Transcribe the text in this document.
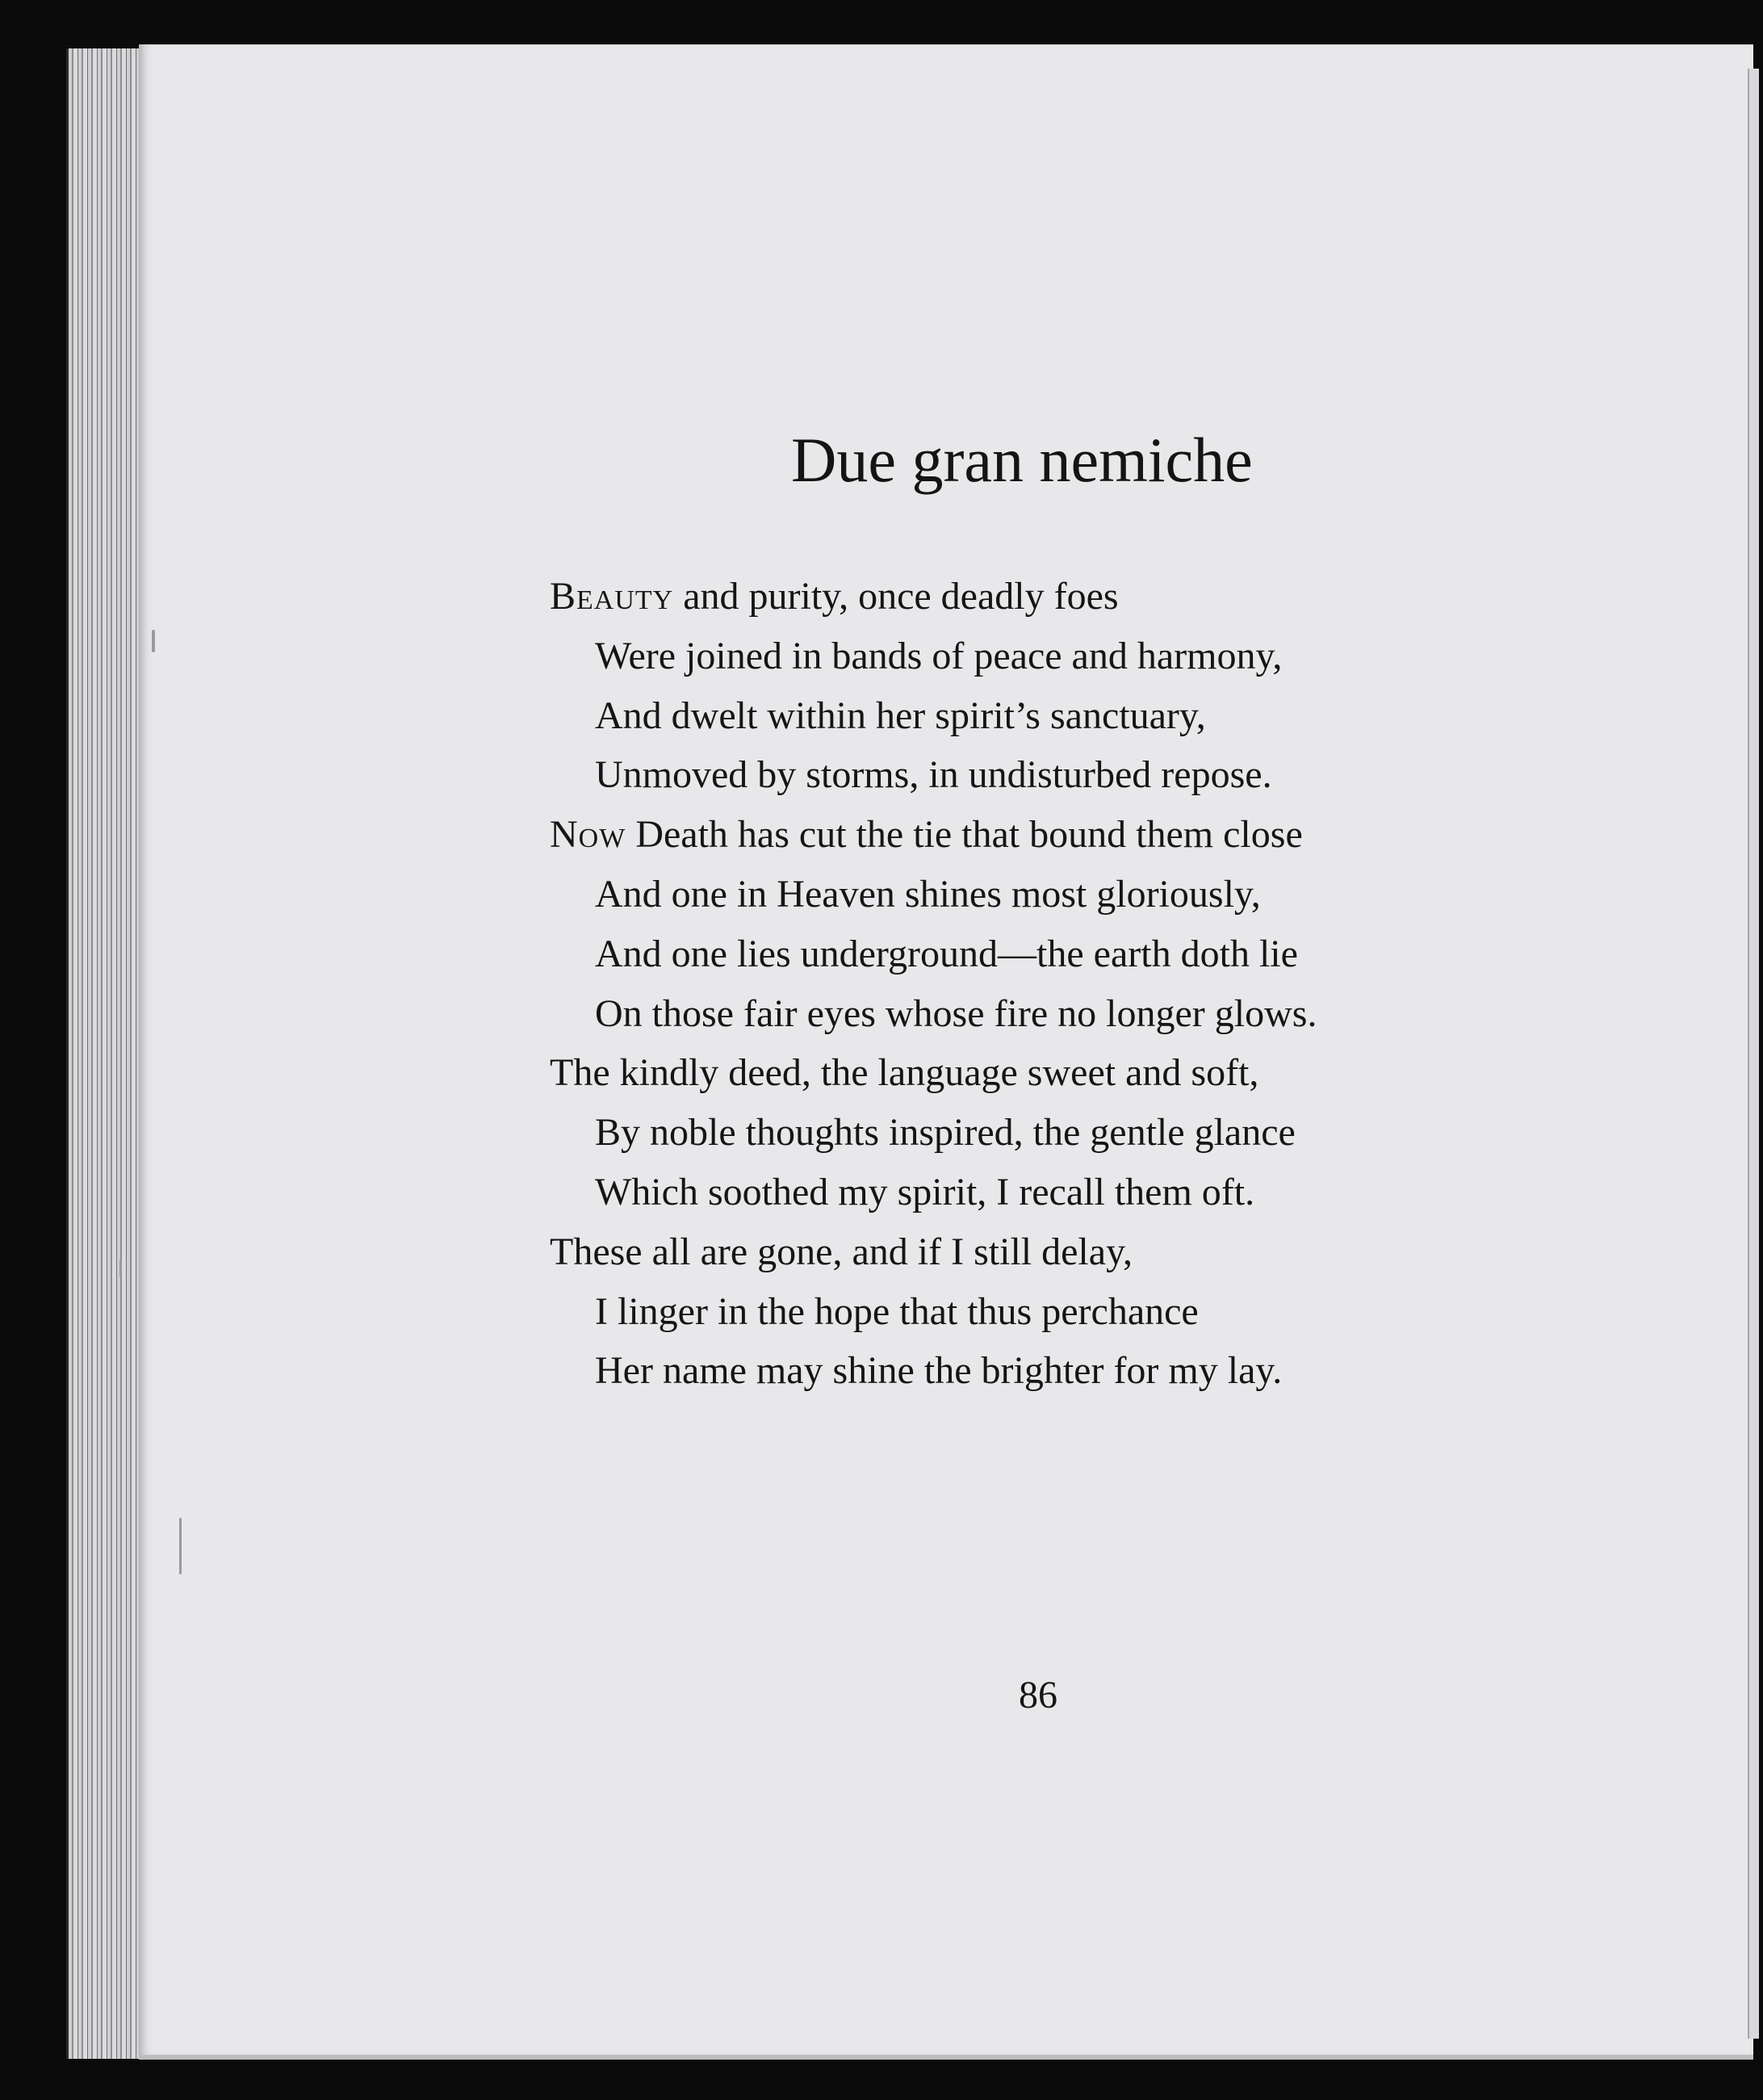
Due gran nemiche
Beauty and purity, once deadly foes
Were joined in bands of peace and harmony,
And dwelt within her spirit’s sanctuary,
Unmoved by storms, in undisturbed repose.
Now Death has cut the tie that bound them close
And one in Heaven shines most gloriously,
And one lies underground—the earth doth lie
On those fair eyes whose fire no longer glows.
The kindly deed, the language sweet and soft,
By noble thoughts inspired, the gentle glance
Which soothed my spirit, I recall them oft.
These all are gone, and if I still delay,
I linger in the hope that thus perchance
Her name may shine the brighter for my lay.
86
